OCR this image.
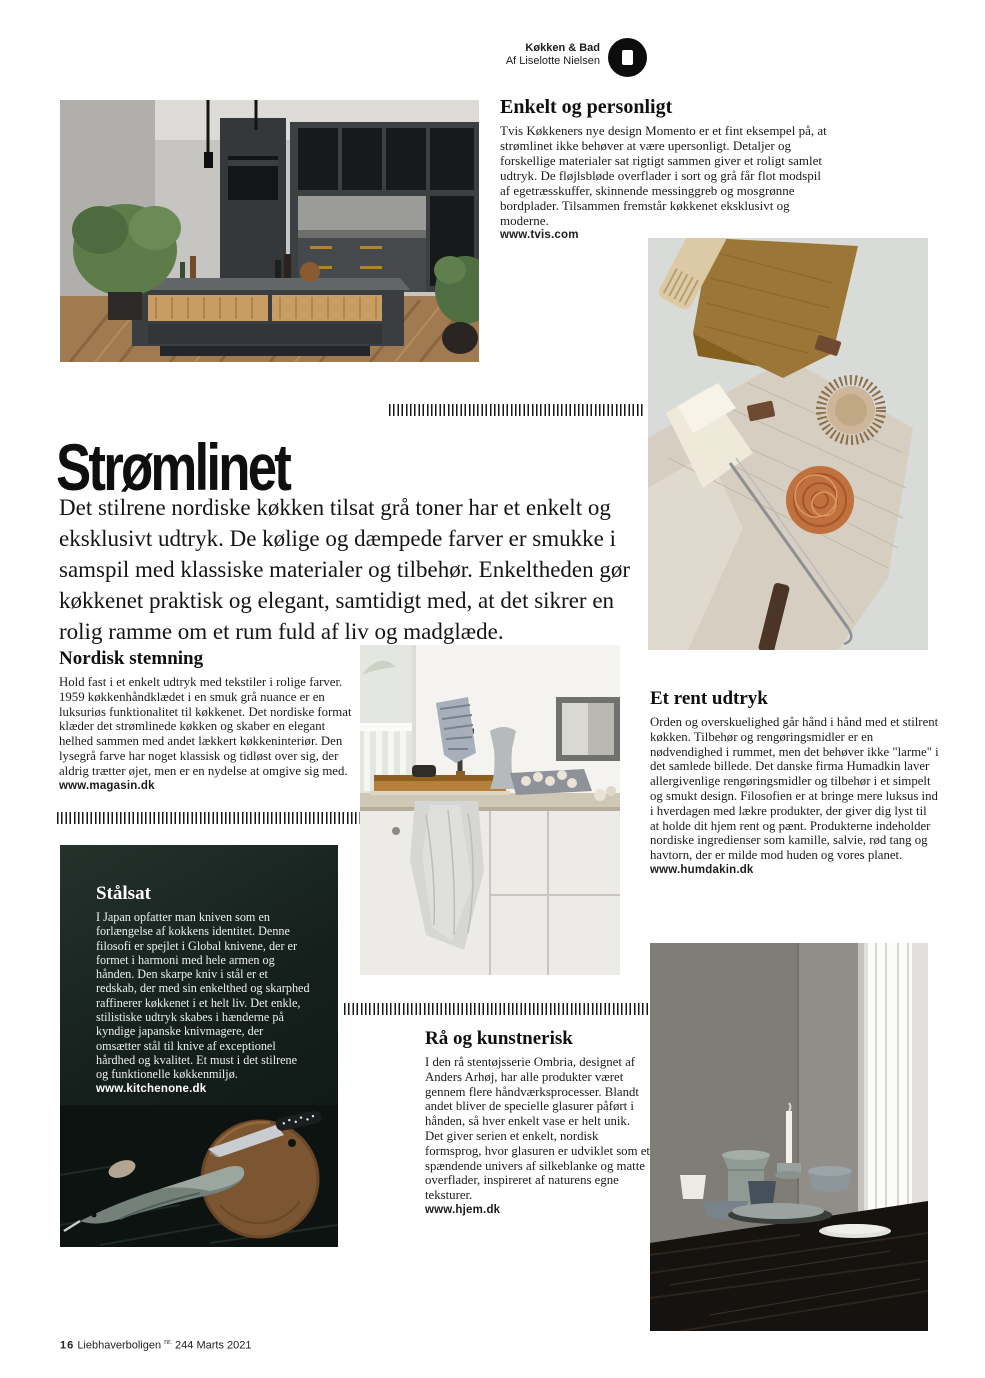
Køkken & Bad
Af Liselotte Nielsen
Enkelt og personligt

Tvis Køkkeners nye design Momento er et fint eksempel på, at strømlinet ikke behøver at være upersonligt. Detaljer og forskellige materialer sat rigtigt sammen giver et roligt samlet udtryk. De fløjlsbløde overflader i sort og grå får flot modspil af egetræsskuffer, skinnende messinggreb og mosgrønne bordplader. Tilsammen fremstår køkkenet eksklusivt og moderne.

www.tvis.com
Strømlinet

Det stilrene nordiske køkken tilsat grå toner har et enkelt og eksklusivt udtryk. De kølige og dæmpede farver er smukke i samspil med klassiske materialer og tilbehør. Enkeltheden gør køkkenet praktisk og elegant, samtidigt med, at det sikrer en rolig ramme om et rum fuld af liv og madglæde.

Nordisk stemning

Hold fast i et enkelt udtryk med tekstiler i rolige farver. 1959 køkkenhåndklædet i en smuk grå nuance er en luksuriøs funktionalitet til køkkenet. Det nordiske format klæder det strømlinede køkken og skaber en elegant helhed sammen med andet lækkert køkkeninteriør. Den lysegrå farve har noget klassisk og tidløst over sig, der aldrig trætter øjet, men er en nydelse at omgive sig med.

www.magasin.dk
Et rent udtryk

Orden og overskuelighed går hånd i hånd med et stilrent køkken. Tilbehør og rengøringsmidler er en nødvendighed i rummet, men det behøver ikke "larme" i det samlede billede. Det danske firma Humadkin laver allergivenlige rengøringsmidler og tilbehør i et simpelt og smukt design. Filosofien er at bringe mere luksus ind i hverdagen med lækre produkter, der giver dig lyst til at holde dit hjem rent og pænt. Produkterne indeholder nordiske ingredienser som kamille, salvie, rød tang og havtorn, der er milde mod huden og vores planet.

www.humdakin.dk
Stålsat

I Japan opfatter man kniven som en forlængelse af kokkens identitet. Denne filosofi er spejlet i Global knivene, der er formet i harmoni med hele armen og hånden. Den skarpe kniv i stål er et redskab, der med sin enkelthed og skarphed raffinerer køkkenet i et helt liv. Det enkle, stilistiske udtryk skabes i hænderne på kyndige japanske knivmagere, der omsætter stål til knive af exceptionel hårdhed og kvalitet. Et must i det stilrene og funktionelle køkkenmiljø.

www.kitchenone.dk
Rå og kunstnerisk

I den rå stentøjsserie Ombria, designet af Anders Arhøj, har alle produkter været gennem flere håndværksprocesser. Blandt andet bliver de specielle glasurer påført i hånden, så hver enkelt vase er helt unik. Det giver serien et enkelt, nordisk formsprog, hvor glasuren er udviklet som et spændende univers af silkeblanke og matte overflader, inspireret af naturens egne teksturer.

www.hjem.dk
16 Liebhaverboligen $^{nr.}$ 244 Marts 2021
